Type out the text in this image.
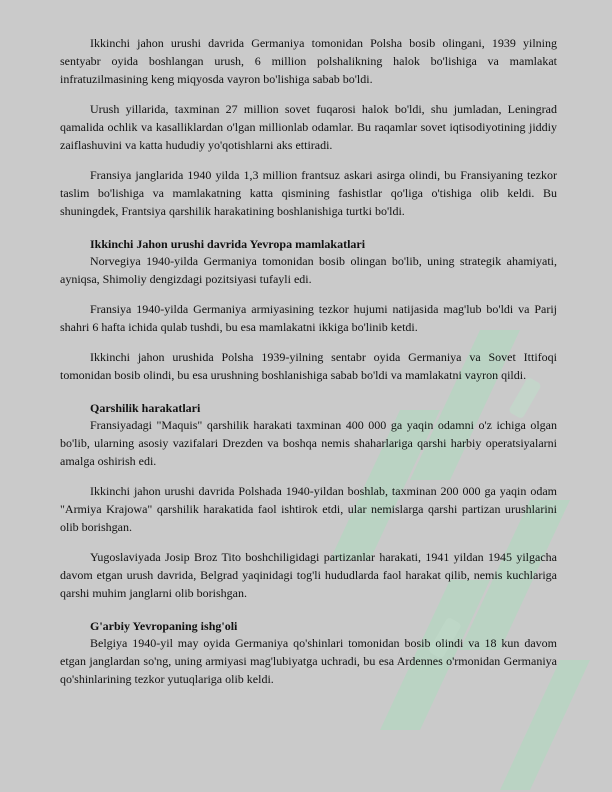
Ikkinchi jahon urushi davrida Germaniya tomonidan Polsha bosib olingani, 1939 yilning sentyabr oyida boshlangan urush, 6 million polshalikning halok bo'lishiga va mamlakat infratuzilmasining keng miqyosda vayron bo'lishiga sabab bo'ldi.

Urush yillarida, taxminan 27 million sovet fuqarosi halok bo'ldi, shu jumladan, Leningrad qamalida ochlik va kasalliklardan o'lgan millionlab odamlar. Bu raqamlar sovet iqtisodiyotining jiddiy zaiflashuvini va katta hududiy yo'qotishlarni aks ettiradi.

Fransiya janglarida 1940 yilda 1,3 million frantsuz askari asirga olindi, bu Fransiyaning tezkor taslim bo'lishiga va mamlakatning katta qismining fashistlar qo'liga o'tishiga olib keldi. Bu shuningdek, Frantsiya qarshilik harakatining boshlanishiga turtki bo'ldi.

Ikkinchi Jahon urushi davrida Yevropa mamlakatlari

Norvegiya 1940-yilda Germaniya tomonidan bosib olingan bo'lib, uning strategik ahamiyati, ayniqsa, Shimoliy dengizdagi pozitsiyasi tufayli edi.

Fransiya 1940-yilda Germaniya armiyasining tezkor hujumi natijasida mag'lub bo'ldi va Parij shahri 6 hafta ichida qulab tushdi, bu esa mamlakatni ikkiga bo'linib ketdi.

Ikkinchi jahon urushida Polsha 1939-yilning sentabr oyida Germaniya va Sovet Ittifoqi tomonidan bosib olindi, bu esa urushning boshlanishiga sabab bo'ldi va mamlakatni vayron qildi.

Qarshilik harakatlari

Fransiyadagi "Maquis" qarshilik harakati taxminan 400 000 ga yaqin odamni o'z ichiga olgan bo'lib, ularning asosiy vazifalari Drezden va boshqa nemis shaharlariga qarshi harbiy operatsiyalarni amalga oshirish edi.

Ikkinchi jahon urushi davrida Polshada 1940-yildan boshlab, taxminan 200 000 ga yaqin odam "Armiya Krajowa" qarshilik harakatida faol ishtirok etdi, ular nemislarga qarshi partizan urushlarini olib borishgan.

Yugoslaviyada Josip Broz Tito boshchiligidagi partizanlar harakati, 1941 yildan 1945 yilgacha davom etgan urush davrida, Belgrad yaqinidagi tog'li hududlarda faol harakat qilib, nemis kuchlariga qarshi muhim janglarni olib borishgan.

G'arbiy Yevropaning ishg'oli

Belgiya 1940-yil may oyida Germaniya qo'shinlari tomonidan bosib olindi va 18 kun davom etgan janglardan so'ng, uning armiyasi mag'lubiyatga uchradi, bu esa Ardennes o'rmonidan Germaniya qo'shinlarining tezkor yutuqlariga olib keldi.
